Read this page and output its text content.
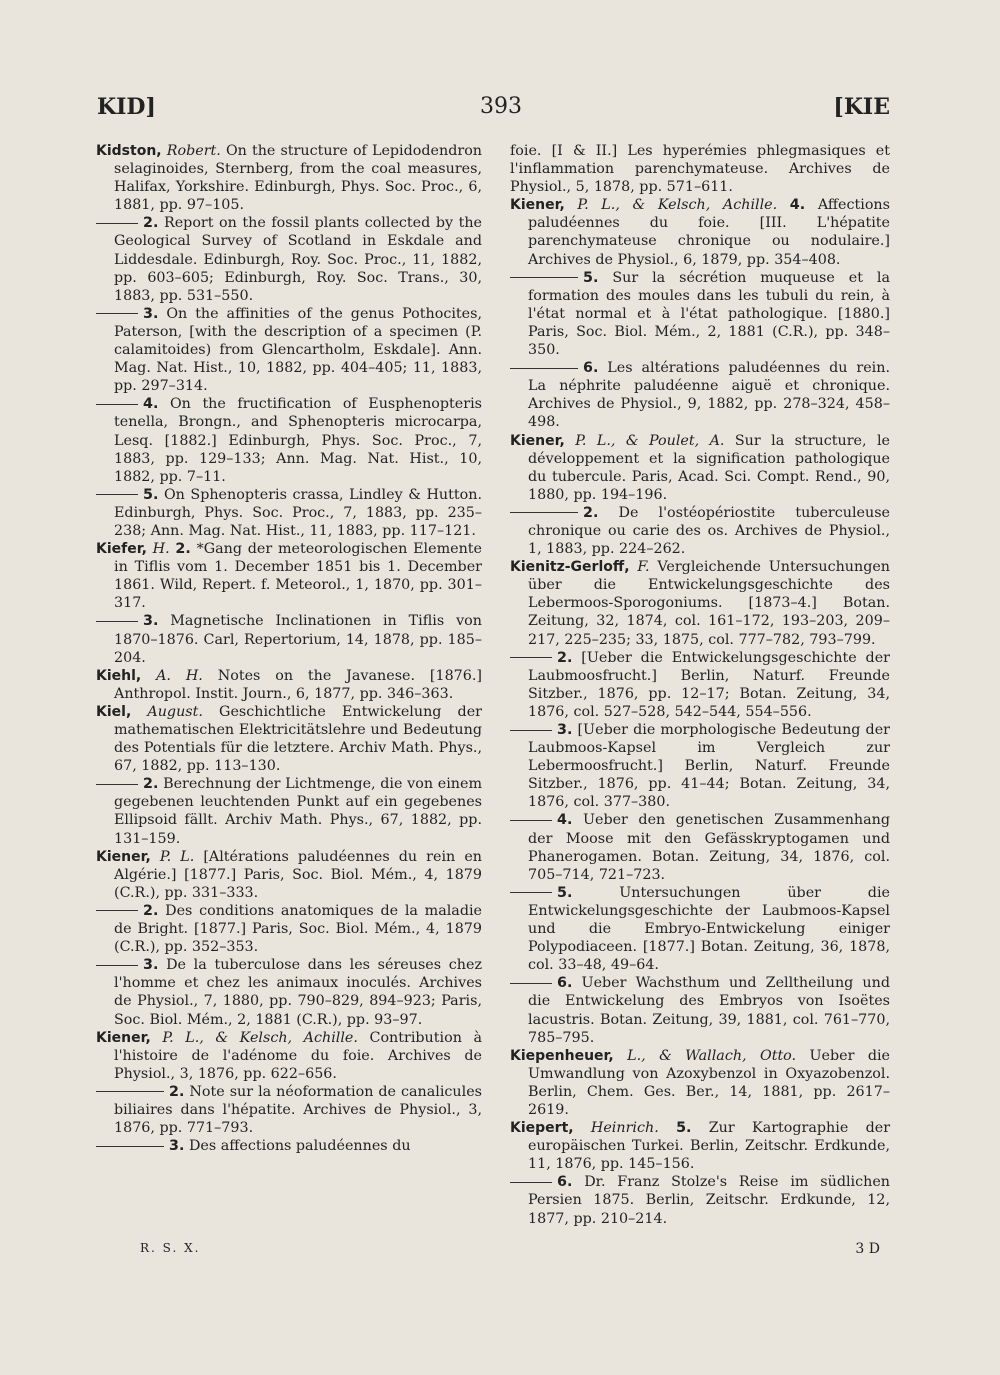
KID]	393	[KIE

Kidston, Robert. On the structure of Lepidodendron selaginoides, Sternberg, from the coal measures, Halifax, Yorkshire. Edinburgh, Phys. Soc. Proc., 6, 1881, pp. 97–105.

2. Report on the fossil plants collected by the Geological Survey of Scotland in Eskdale and Liddesdale. Edinburgh, Roy. Soc. Proc., 11, 1882, pp. 603–605; Edinburgh, Roy. Soc. Trans., 30, 1883, pp. 531–550.

3. On the affinities of the genus Pothocites, Paterson, [with the description of a specimen (P. calamitoides) from Glencartholm, Eskdale]. Ann. Mag. Nat. Hist., 10, 1882, pp. 404–405; 11, 1883, pp. 297–314.

4. On the fructification of Eusphenopteris tenella, Brongn., and Sphenopteris microcarpa, Lesq. [1882.] Edinburgh, Phys. Soc. Proc., 7, 1883, pp. 129–133; Ann. Mag. Nat. Hist., 10, 1882, pp. 7–11.

5. On Sphenopteris crassa, Lindley & Hutton. Edinburgh, Phys. Soc. Proc., 7, 1883, pp. 235–238; Ann. Mag. Nat. Hist., 11, 1883, pp. 117–121.

Kiefer, H. 2. *Gang der meteorologischen Elemente in Tiflis vom 1. December 1851 bis 1. December 1861. Wild, Repert. f. Meteorol., 1, 1870, pp. 301–317.

3. Magnetische Inclinationen in Tiflis von 1870–1876. Carl, Repertorium, 14, 1878, pp. 185–204.

Kiehl, A. H. Notes on the Javanese. [1876.] Anthropol. Instit. Journ., 6, 1877, pp. 346–363.

Kiel, August. Geschichtliche Entwickelung der mathematischen Elektricitätslehre und Bedeutung des Potentials für die letztere. Archiv Math. Phys., 67, 1882, pp. 113–130.

2. Berechnung der Lichtmenge, die von einem gegebenen leuchtenden Punkt auf ein gegebenes Ellipsoid fällt. Archiv Math. Phys., 67, 1882, pp. 131–159.

Kiener, P. L. [Altérations paludéennes du rein en Algérie.] [1877.] Paris, Soc. Biol. Mém., 4, 1879 (C.R.), pp. 331–333.

2. Des conditions anatomiques de la maladie de Bright. [1877.] Paris, Soc. Biol. Mém., 4, 1879 (C.R.), pp. 352–353.

3. De la tuberculose dans les séreuses chez l'homme et chez les animaux inoculés. Archives de Physiol., 7, 1880, pp. 790–829, 894–923; Paris, Soc. Biol. Mém., 2, 1881 (C.R.), pp. 93–97.

Kiener, P. L., & Kelsch, Achille. Contribution à l'histoire de l'adénome du foie. Archives de Physiol., 3, 1876, pp. 622–656.

2. Note sur la néoformation de canalicules biliaires dans l'hépatite. Archives de Physiol., 3, 1876, pp. 771–793.

3. Des affections paludéennes du

foie. [I & II.] Les hyperémies phlegmasiques et l'inflammation parenchymateuse. Archives de Physiol., 5, 1878, pp. 571–611.

Kiener, P. L., & Kelsch, Achille. 4. Affections paludéennes du foie. [III. L'hépatite parenchymateuse chronique ou nodulaire.] Archives de Physiol., 6, 1879, pp. 354–408.

5. Sur la sécrétion muqueuse et la formation des moules dans les tubuli du rein, à l'état normal et à l'état pathologique. [1880.] Paris, Soc. Biol. Mém., 2, 1881 (C.R.), pp. 348–350.

6. Les altérations paludéennes du rein. La néphrite paludéenne aiguë et chronique. Archives de Physiol., 9, 1882, pp. 278–324, 458–498.

Kiener, P. L., & Poulet, A. Sur la structure, le développement et la signification pathologique du tubercule. Paris, Acad. Sci. Compt. Rend., 90, 1880, pp. 194–196.

2. De l'ostéopériostite tuberculeuse chronique ou carie des os. Archives de Physiol., 1, 1883, pp. 224–262.

Kienitz-Gerloff, F. Vergleichende Untersuchungen über die Entwickelungsgeschichte des Lebermoos-Sporogoniums. [1873–4.] Botan. Zeitung, 32, 1874, col. 161–172, 193–203, 209–217, 225–235; 33, 1875, col. 777–782, 793–799.

2. [Ueber die Entwickelungsgeschichte der Laubmoosfrucht.] Berlin, Naturf. Freunde Sitzber., 1876, pp. 12–17; Botan. Zeitung, 34, 1876, col. 527–528, 542–544, 554–556.

3. [Ueber die morphologische Bedeutung der Laubmoos-Kapsel im Vergleich zur Lebermoosfrucht.] Berlin, Naturf. Freunde Sitzber., 1876, pp. 41–44; Botan. Zeitung, 34, 1876, col. 377–380.

4. Ueber den genetischen Zusammenhang der Moose mit den Gefässkryptogamen und Phanerogamen. Botan. Zeitung, 34, 1876, col. 705–714, 721–723.

5.	Untersuchungen über die Entwickelungsgeschichte der Laubmoos-Kapsel und die Embryo-Entwickelung einiger Polypodiaceen. [1877.] Botan. Zeitung, 36, 1878, col. 33–48, 49–64.

6. Ueber Wachsthum und Zelltheilung und die Entwickelung des Embryos von Isoëtes lacustris. Botan. Zeitung, 39, 1881, col. 761–770, 785–795.

Kiepenheuer, L., & Wallach, Otto. Ueber die Umwandlung von Azoxybenzol in Oxyazobenzol. Berlin, Chem. Ges. Ber., 14, 1881, pp. 2617–2619.

Kiepert, Heinrich. 5. Zur Kartographie der europäischen Turkei. Berlin, Zeitschr. Erdkunde, 11, 1876, pp. 145–156.

6. Dr. Franz Stolze's Reise im südlichen Persien 1875. Berlin, Zeitschr. Erdkunde, 12, 1877, pp. 210–214.

R. S. X.	3 D
